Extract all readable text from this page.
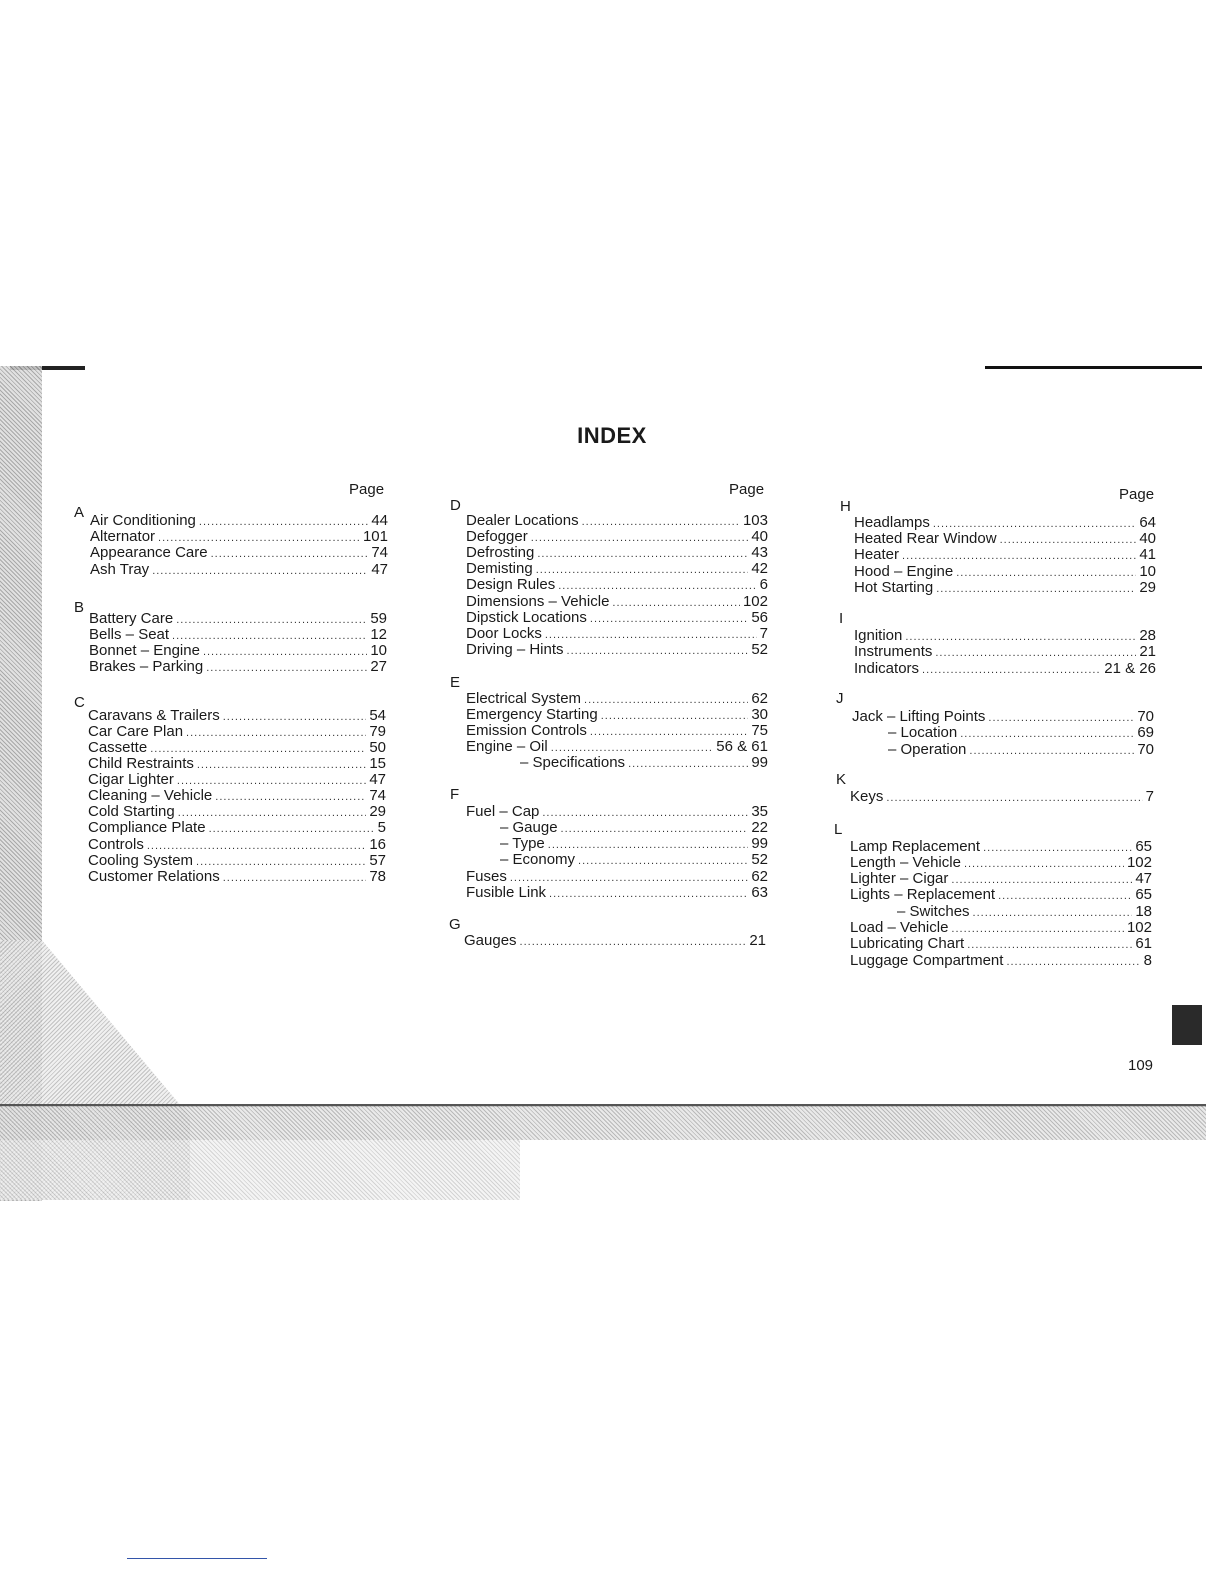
INDEX
Page
A Air Conditioning .....	44
Alternator .....	101
Appearance Care .....	74
Ash Tray .....	47
B
Battery Care .....	59
Bells – Seat .....	12
Bonnet – Engine .....	10
Brakes – Parking .....	27
C
Caravans & Trailers .....	54
Car Care Plan .....	79
Cassette .....	50
Child Restraints .....	15
Cigar Lighter .....	47
Cleaning – Vehicle .....	74
Cold Starting .....	29
Compliance Plate .....	5
Controls .....	16
Cooling System .....	57
Customer Relations .....	78
Page
D
Dealer Locations .....	103
Defogger .....	40
Defrosting .....	43
Demisting .....	42
Design Rules .....	6
Dimensions – Vehicle .....	102
Dipstick Locations .....	56
Door Locks .....	7
Driving – Hints .....	52
E
Electrical System .....	62
Emergency Starting .....	30
Emission Controls .....	75
Engine – Oil .....	56 & 61
– Specifications .....	99
F
Fuel – Cap .....	35
– Gauge .....	22
– Type .....	99
– Economy .....	52
Fuses .....	62
Fusible Link .....	63
G
Gauges .....	21
Page
H
Headlamps .....	64
Heated Rear Window .....	40
Heater .....	41
Hood – Engine .....	10
Hot Starting .....	29
I
Ignition .....	28
Instruments .....	21
Indicators .....	21 & 26
J
Jack – Lifting Points .....	70
– Location .....	69
– Operation .....	70
K
Keys .....	7
L
Lamp Replacement .....	65
Length – Vehicle .....	102
Lighter – Cigar .....	47
Lights – Replacement .....	65
– Switches .....	18
Load – Vehicle .....	102
Lubricating Chart .....	61
Luggage Compartment .....	8
109
